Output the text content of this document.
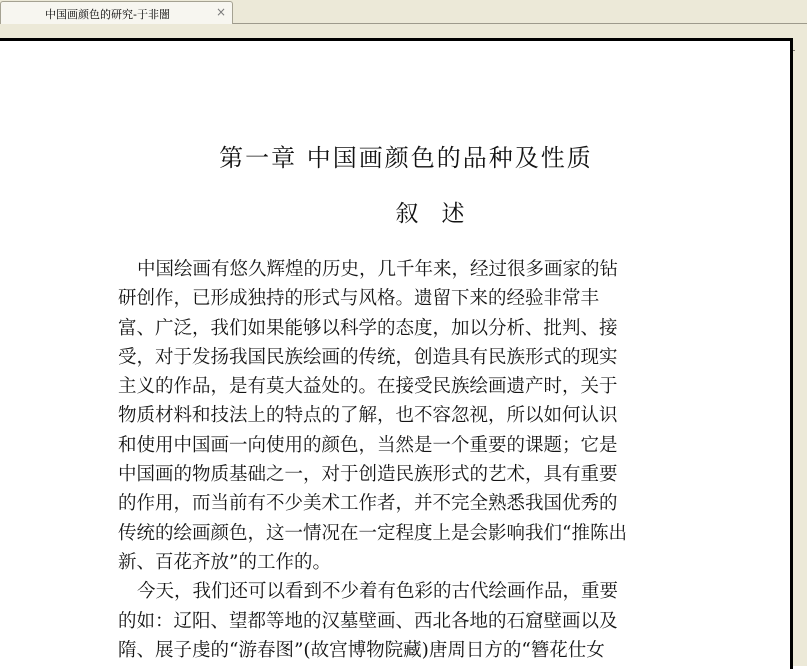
中国画颜色的研究-于非闇	×
第一章 中国画颜色的品种及性质
叙　述
中国绘画有悠久辉煌的历史，几千年来，经过很多画家的钻
研创作，已形成独持的形式与风格。遗留下来的经验非常丰
富、广泛，我们如果能够以科学的态度，加以分析、批判、接
受，对于发扬我国民族绘画的传统，创造具有民族形式的现实
主义的作品，是有莫大益处的。在接受民族绘画遗产时，关于
物质材料和技法上的特点的了解，也不容忽视，所以如何认识
和使用中国画一向使用的颜色，当然是一个重要的课题；它是
中国画的物质基础之一，对于创造民族形式的艺术，具有重要
的作用，而当前有不少美术工作者，并不完全熟悉我国优秀的
传统的绘画颜色，这一情况在一定程度上是会影响我们“推陈出
新、百花齐放”的工作的。
今天，我们还可以看到不少着有色彩的古代绘画作品，重要
的如：辽阳、望都等地的汉墓壁画、西北各地的石窟壁画以及
隋、展子虔的“游春图”(故宫博物院藏)唐周日方的“簪花仕女
